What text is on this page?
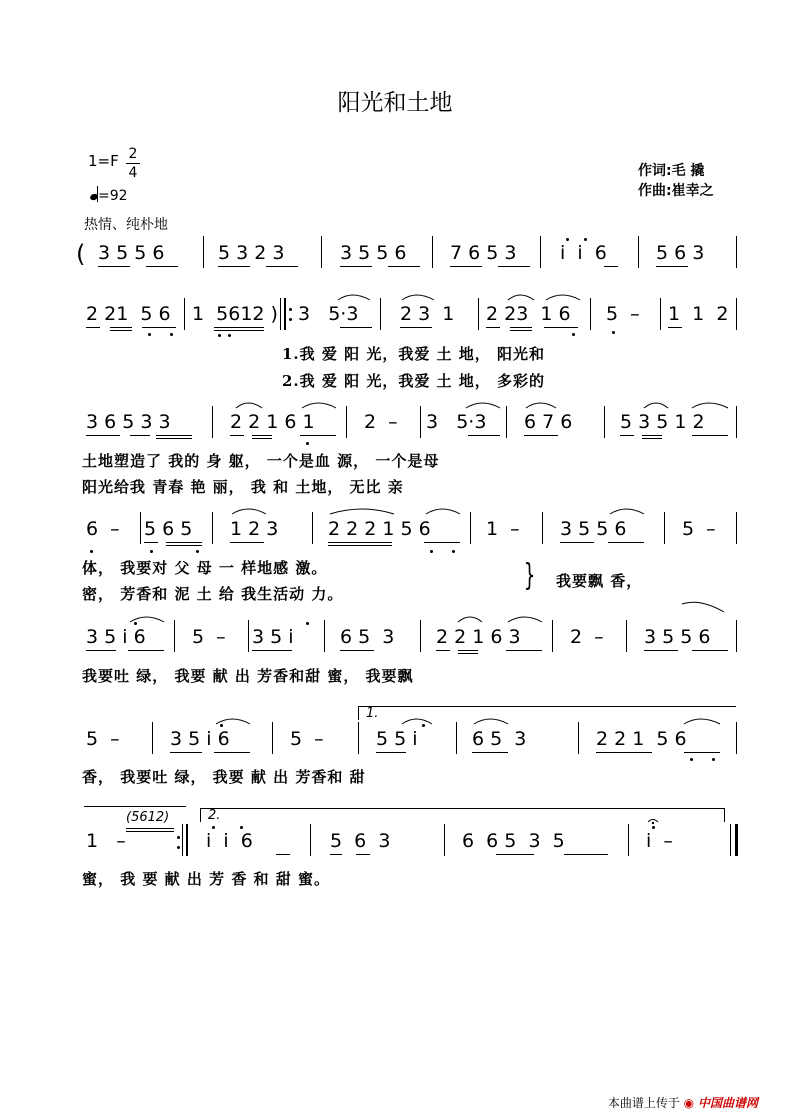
阳光和土地
1=F 2
4
=92
热情、纯朴地
作词:毛 撬
作曲:崔幸之
( 3 5 5 6	5 3 2 3	3 5 5 6 7 6 5 3 i  i  6	5 6 3
2 21  5 6 1  5612 ) 3   5·3 2 3  1 2 23  1 6 5  – 1  1  2
1.我 爱 阳 光，我爱 土 地， 阳光和
2.我 爱 阳 光，我爱 土 地， 多彩的
3 6 5 3 3	2 2 1 6 1	2  – 3   5·3 6 7 6	5 3 5 1 2
土地塑造了 我的 身 躯， 一个是血 源， 一个是母
阳光给我 青春 艳 丽， 我 和 土地， 无比 亲
6  – 5 6 5 1 2 3	2 2 2 1 5 6	1  – 3 5 5 6	5  –
体， 我要对 父 母 一 样地感 激。
密， 芳香和 泥 土 给 我生活动 力。
} 我要飘 香，
3 5 i 6 5  – 3 5 i 6 5  3 2 2 1 6 3	2  – 3 5 5 6
我要吐 绿， 我要 献 出 芳香和甜 蜜， 我要飘
1.
5  –	3 5 i 6	5  –	5 5 i	6 5  3	2 2 1  5 6
香， 我要吐 绿， 我要 献 出 芳香和 甜
2.
(5612)
1   –	i  i  6	5  6  3	6  6 5  3  5	i  –
蜜， 我 要 献 出 芳 香 和 甜 蜜。
本曲谱上传于 ◉ 中国曲谱网
